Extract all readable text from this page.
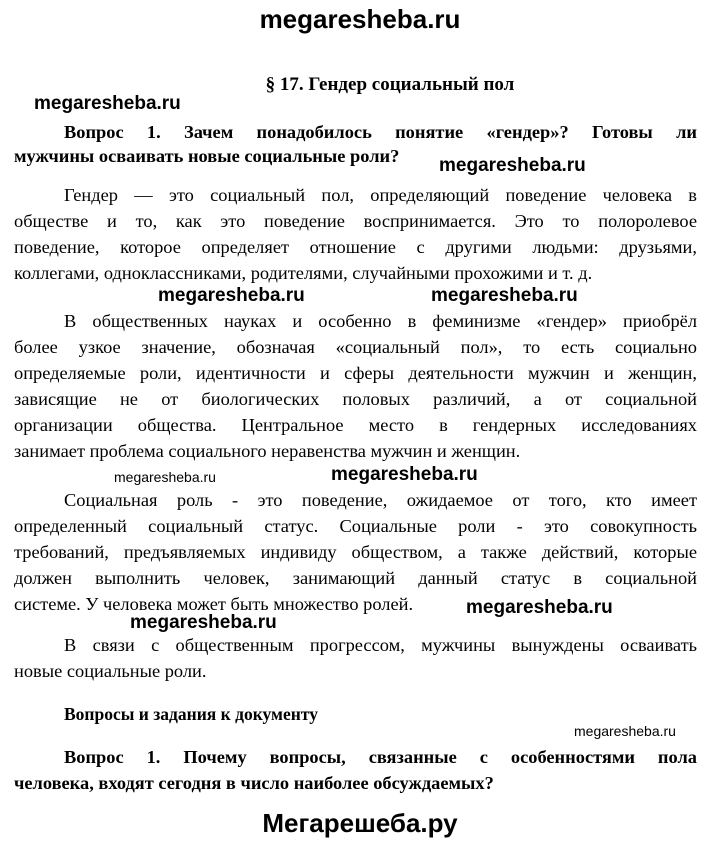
megaresheba.ru
§ 17. Гендер социальный пол
megaresheba.ru
Вопрос 1. Зачем понадобилось понятие «гендер»? Готовы ли
мужчины осваивать новые социальные роли?	megaresheba.ru
Гендер — это социальный пол, определяющий поведение человека в
обществе и то, как это поведение воспринимается. Это то полоролевое
поведение, которое определяет отношение с другими людьми: друзьями,
коллегами, одноклассниками, родителями, случайными прохожими и т. д.
megaresheba.ru	megaresheba.ru
В общественных науках и особенно в феминизме «гендер» приобрёл
более узкое значение, обозначая «социальный пол», то есть социально
определяемые роли, идентичности и сферы деятельности мужчин и женщин,
зависящие не от биологических половых различий, а от социальной
организации общества. Центральное место в гендерных исследованиях
занимает проблема социального неравенства мужчин и женщин.
megaresheba.ru	megaresheba.ru
Социальная роль - это поведение, ожидаемое от того, кто имеет
определенный социальный статус. Социальные роли - это совокупность
требований, предъявляемых индивиду обществом, а также действий, которые
должен выполнить человек, занимающий данный статус в социальной
системе. У человека может быть множество ролей.	megaresheba.ru
megaresheba.ru
В связи с общественным прогрессом, мужчины вынуждены осваивать
новые социальные роли.
Вопросы и задания к документу
megaresheba.ru
Вопрос 1. Почему вопросы, связанные с особенностями пола
человека, входят сегодня в число наиболее обсуждаемых?
Мегарешеба.ру
